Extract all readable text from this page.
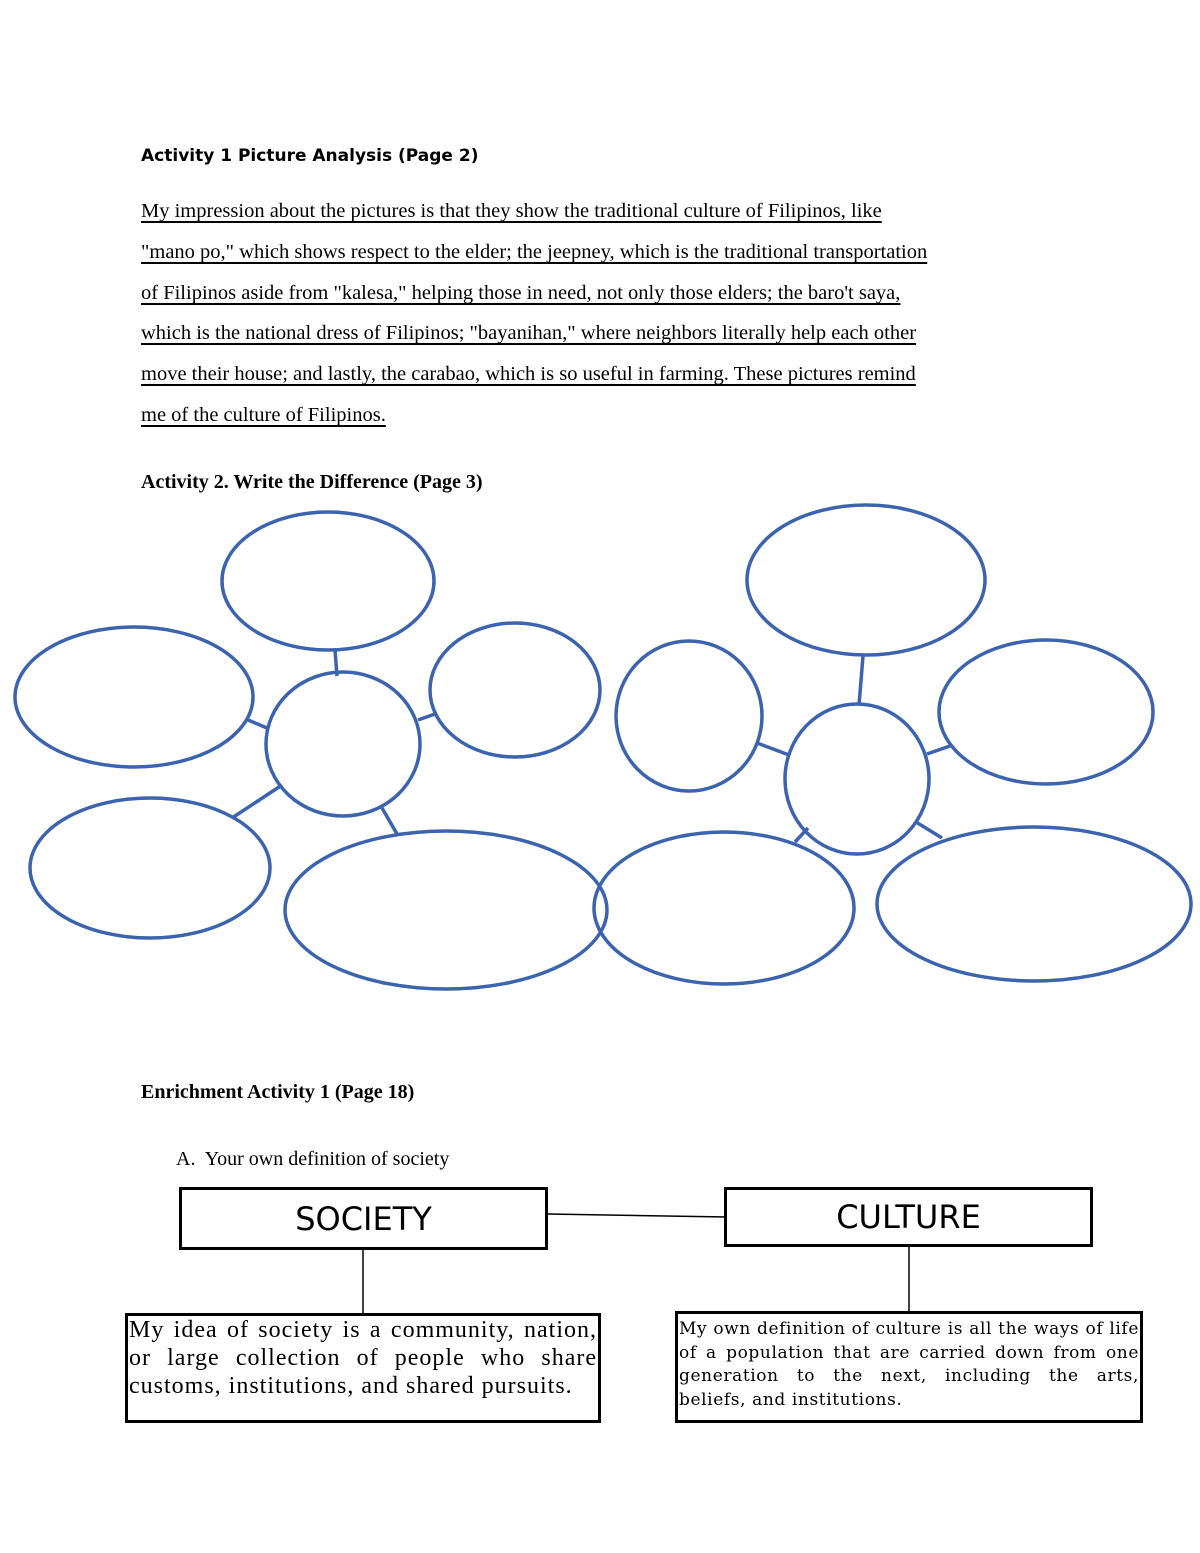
Activity 1 Picture Analysis (Page 2)
My impression about the pictures is that they show the traditional culture of Filipinos, like
"mano po," which shows respect to the elder; the jeepney, which is the traditional transportation
of Filipinos aside from "kalesa," helping those in need, not only those elders; the baro't saya,
which is the national dress of Filipinos; "bayanihan," where neighbors literally help each other
move their house; and lastly, the carabao, which is so useful in farming. These pictures remind
me of the culture of Filipinos.
Activity 2. Write the Difference (Page 3)
Enrichment Activity 1 (Page 18)
A.  Your own definition of society
SOCIETY	CULTURE
My idea of society is a community, nation, or large collection of people who share customs, institutions, and shared pursuits.
My own definition of culture is all the ways of life of a population that are carried down from one generation to the next, including the arts, beliefs, and institutions.
